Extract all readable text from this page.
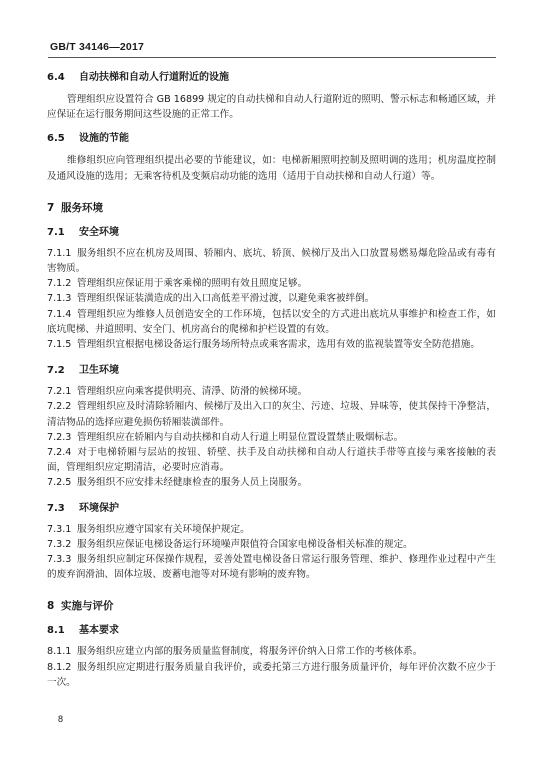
GB/T 34146—2017
6.4 自动扶梯和自动人行道附近的设施

管理组织应设置符合 GB 16899 规定的自动扶梯和自动人行道附近的照明、警示标志和畅通区域，并应保证在运行服务期间这些设施的正常工作。

6.5 设施的节能

维修组织应向管理组织提出必要的节能建议，如：电梯新厢照明控制及照明调的选用；机房温度控制及通风设施的选用；无乘客待机及变频启动功能的选用（适用于自动扶梯和自动人行道）等。

7 服务环境
7.1 安全环境

7.1.1 服务组织不应在机房及周围、轿厢内、底坑、轿顶、候梯厅及出入口放置易燃易爆危险品或有毒有害物质。

7.1.2 管理组织应保证用于乘客乘梯的照明有效且照度足够。

7.1.3 管理组织保证装潢造成的出入口高低差平滑过渡，以避免乘客被绊倒。

7.1.4 管理组织应为维修人员创造安全的工作环境，包括以安全的方式进出底坑从事维护和检查工作，如底坑爬梯、井道照明、安全门、机房高台的爬梯和护栏设置的有效。

7.1.5 管理组织宜根据电梯设备运行服务场所特点或乘客需求，选用有效的监视装置等安全防范措施。

7.2 卫生环境

7.2.1 管理组织应向乘客提供明亮、清淨、防滑的候梯环境。

7.2.2 管理组织应及时清除轿厢内、候梯厅及出入口的灰尘、污迹、垃圾、异味等，使其保持干净整洁，清洁物品的选择应避免损伤轿厢装潢部件。

7.2.3 管理组织应在轿厢内与自动扶梯和自动人行道上明显位置设置禁止吸烟标志。

7.2.4 对于电梯轿厢与层站的按钮、轿壁、扶手及自动扶梯和自动人行道扶手带等直接与乘客接触的表面，管理组织应定期清洁，必要时应消毒。

7.2.5 服务组织不应安排未经健康检查的服务人员上岗服务。

7.3 环境保护

7.3.1 服务组织应遵守国家有关环境保护规定。

7.3.2 服务组织应保证电梯设备运行环境噪声限值符合国家电梯设备相关标准的规定。

7.3.3 服务组织应制定环保操作规程，妥善处置电梯设备日常运行服务管理、维护、修理作业过程中产生的废弃润滑油、固体垃圾、废蓄电池等对环境有影响的废弃物。

8 实施与评价
8.1 基本要求

8.1.1 服务组织应建立内部的服务质量监督制度，将服务评价纳入日常工作的考核体系。

8.1.2 服务组织应定期进行服务质量自我评价，或委托第三方进行服务质量评价，每年评价次数不应少于一次。

8
